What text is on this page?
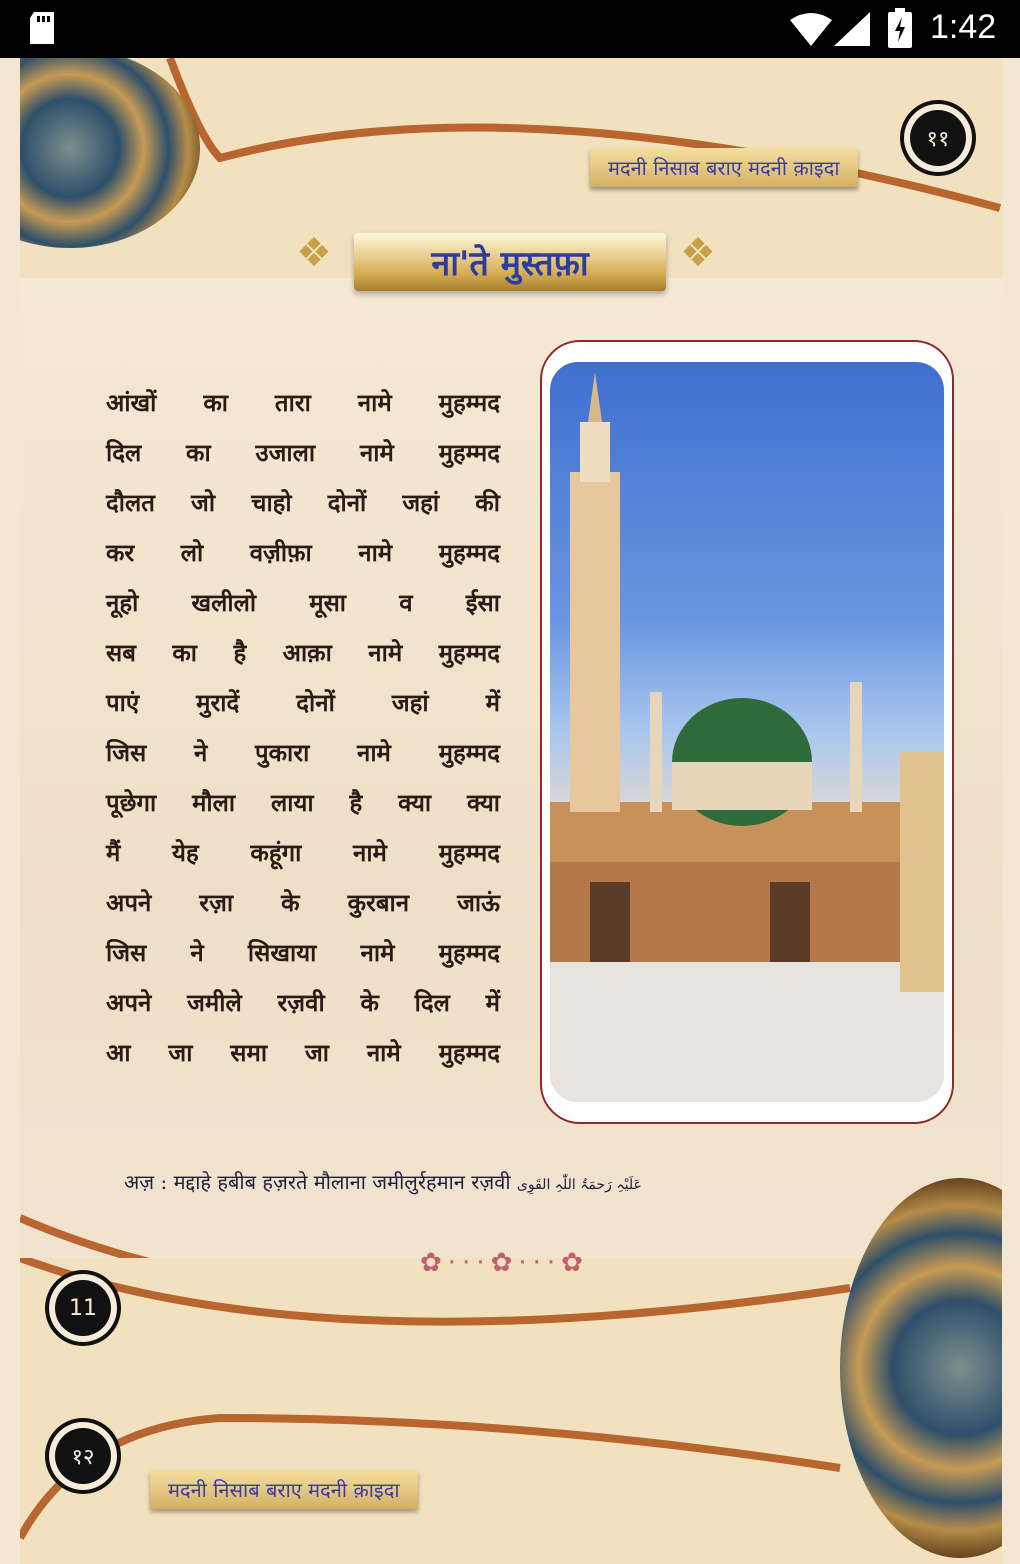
1:42
११
मदनी निसाब बराए मदनी क़ाइदा
❖	ना'ते मुस्तफ़ा	❖
आंखों का तारा नामे मुहम्मद
दिल का उजाला नामे मुहम्मद
दौलत जो चाहो दोनों जहां की
कर लो वज़ीफ़ा नामे मुहम्मद
नूहो खलीलो मूसा व ईसा
सब का है आक़ा नामे मुहम्मद
पाएं मुरादें दोनों जहां में
जिस ने पुकारा नामे मुहम्मद
पूछेगा मौला लाया है क्या क्या
मैं येह कहूंगा नामे मुहम्मद
अपने रज़ा के कुरबान जाऊं
जिस ने सिखाया नामे मुहम्मद
अपने जमीले रज़वी के दिल में
आ जा समा जा नामे मुहम्मद
अज़ : मद्दाहे हबीब हज़रते मौलाना जमीलुर्रहमान रज़वी عَلَیْہِ رَحمَۃُ اللّٰہِ القَوِی
✿···✿···✿
11
१२
मदनी निसाब बराए मदनी क़ाइदा
